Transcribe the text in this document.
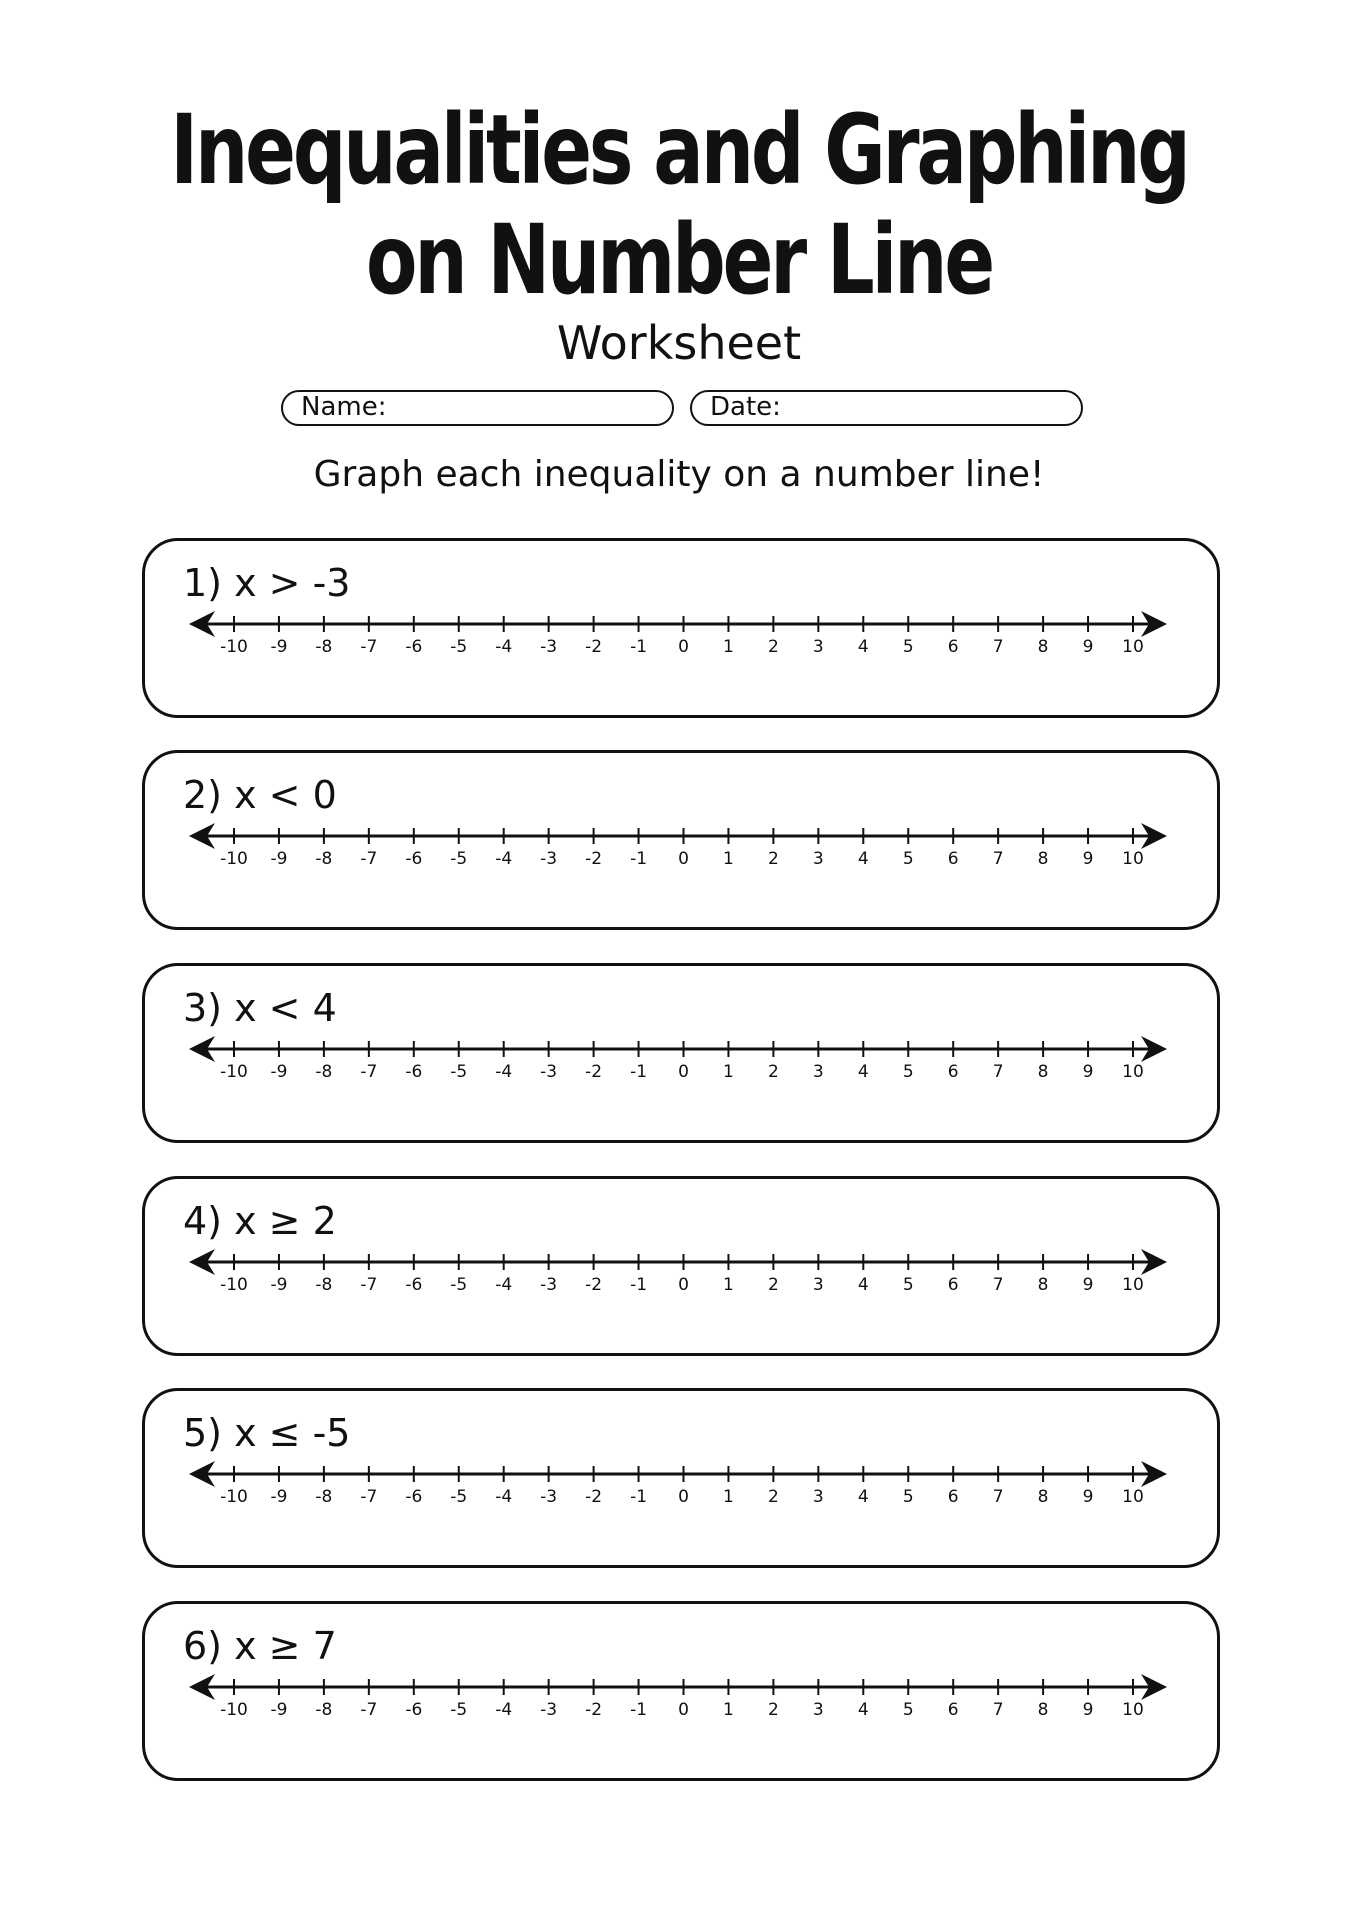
Inequalities and Graphing
on Number Line
Worksheet
Name:	Date:
Graph each inequality on a number line!
1) x > -3
-10 -9 -8 -7 -6 -5 -4 -3 -2 -1 0 1 2 3 4 5 6 7 8 9 10
2) x < 0
-10 -9 -8 -7 -6 -5 -4 -3 -2 -1 0 1 2 3 4 5 6 7 8 9 10
3) x < 4
-10 -9 -8 -7 -6 -5 -4 -3 -2 -1 0 1 2 3 4 5 6 7 8 9 10
4) x ≥ 2
-10 -9 -8 -7 -6 -5 -4 -3 -2 -1 0 1 2 3 4 5 6 7 8 9 10
5) x ≤ -5
-10 -9 -8 -7 -6 -5 -4 -3 -2 -1 0 1 2 3 4 5 6 7 8 9 10
6) x ≥ 7
-10 -9 -8 -7 -6 -5 -4 -3 -2 -1 0 1 2 3 4 5 6 7 8 9 10
